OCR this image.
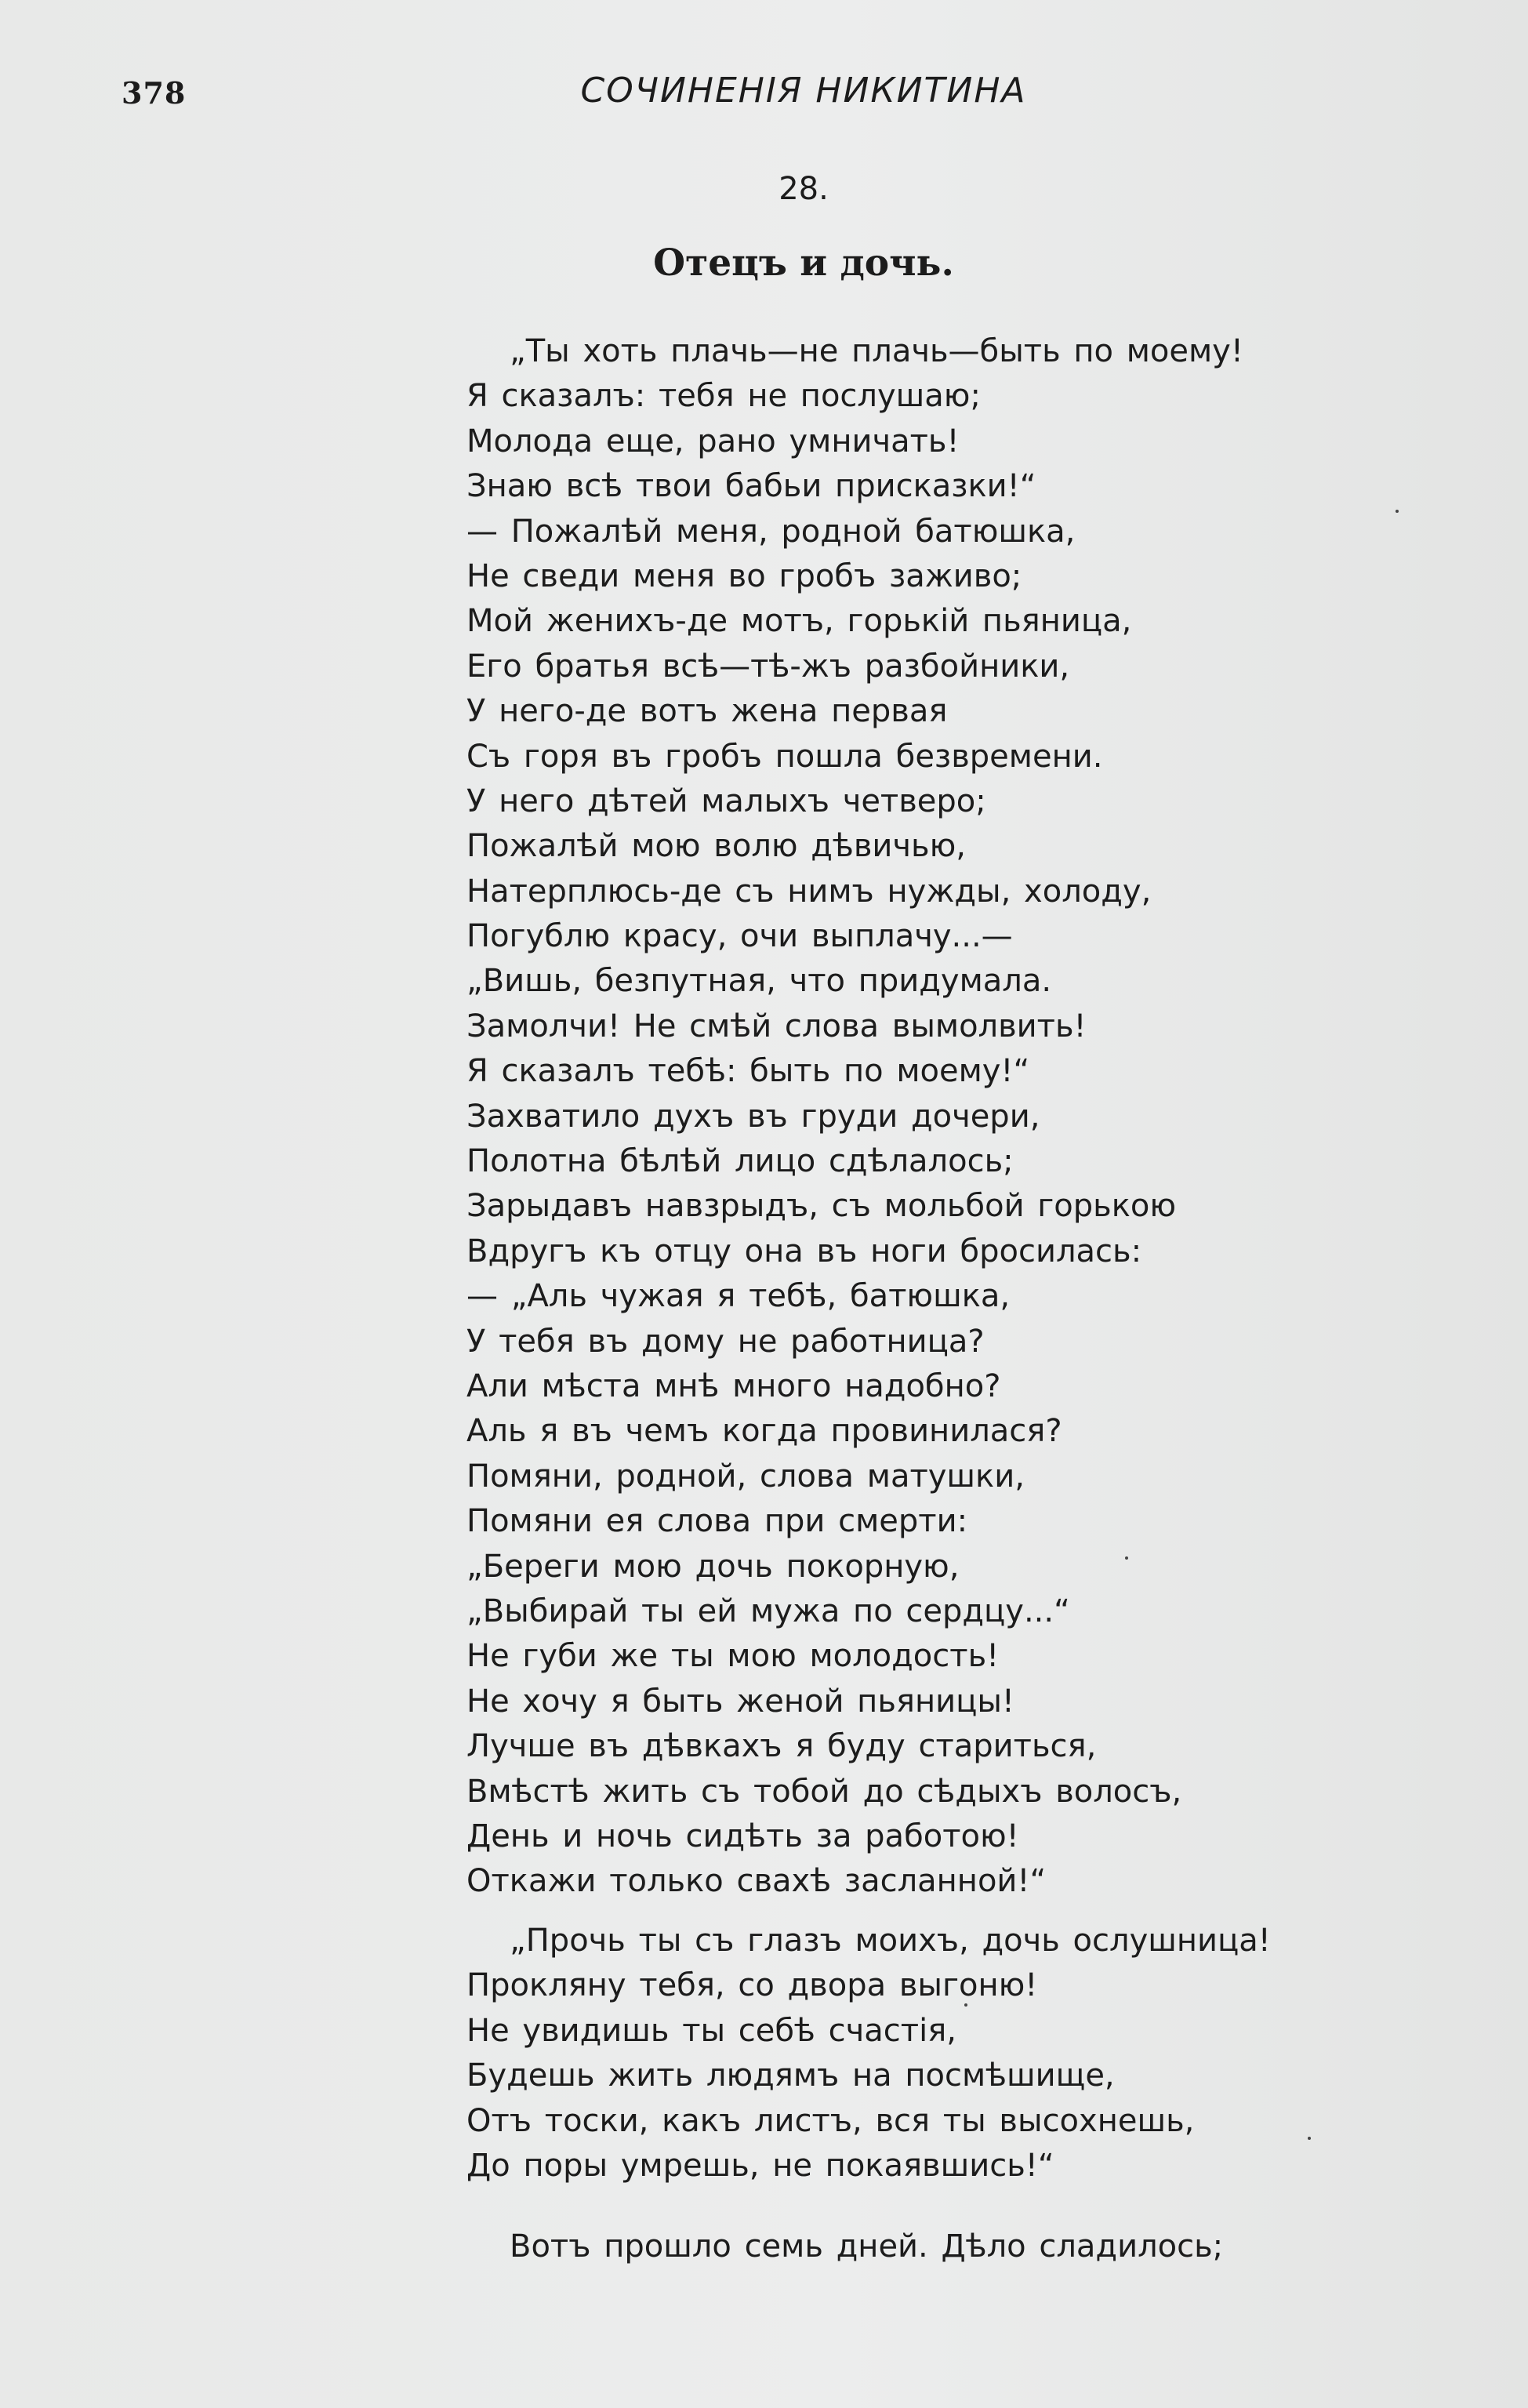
378	СОЧИНЕНІЯ НИКИТИНА
28.
Отецъ и дочь.
„Ты хоть плачь—не плачь—быть по моему!
Я сказалъ: тебя не послушаю;
Молода еще, рано умничать!
Знаю всѣ твои бабьи присказки!“
— Пожалѣй меня, родной батюшка,
Не сведи меня во гробъ заживо;
Мой женихъ-де мотъ, горькій пьяница,
Его братья всѣ—тѣ-жъ разбойники,
У него-де вотъ жена первая
Съ горя въ гробъ пошла безвремени.
У него дѣтей малыхъ четверо;
Пожалѣй мою волю дѣвичью,
Натерплюсь-де съ нимъ нужды, холоду,
Погублю красу, очи выплачу...—
„Вишь, безпутная, что придумала.
Замолчи! Не смѣй слова вымолвить!
Я сказалъ тебѣ: быть по моему!“
Захватило духъ въ груди дочери,
Полотна бѣлѣй лицо сдѣлалось;
Зарыдавъ навзрыдъ, съ мольбой горькою
Вдругъ къ отцу она въ ноги бросилась:
— „Аль чужая я тебѣ, батюшка,
У тебя въ дому не работница?
Али мѣста мнѣ много надобно?
Аль я въ чемъ когда провинилася?
Помяни, родной, слова матушки,
Помяни ея слова при смерти:
„Береги мою дочь покорную,
„Выбирай ты ей мужа по сердцу...“
Не губи же ты мою молодость!
Не хочу я быть женой пьяницы!
Лучше въ дѣвкахъ я буду стариться,
Вмѣстѣ жить съ тобой до сѣдыхъ волосъ,
День и ночь сидѣть за работою!
Откажи только свахѣ засланной!“
„Прочь ты съ глазъ моихъ, дочь ослушница!
Прокляну тебя, со двора выгоню!
Не увидишь ты себѣ счастія,
Будешь жить людямъ на посмѣшище,
Отъ тоски, какъ листъ, вся ты высохнешь,
До поры умрешь, не покаявшись!“
Вотъ прошло семь дней. Дѣло сладилось;
